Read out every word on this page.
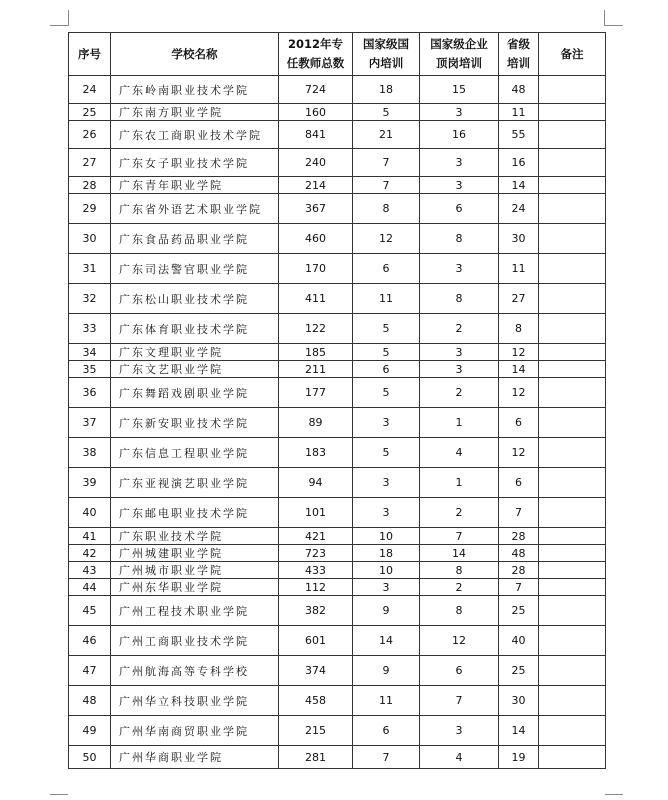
序号	学校名称	2012年专任教师总数	国家级国内培训	国家级企业顶岗培训	省级培训	备注
24	广东岭南职业技术学院	724	18	15	48	
25	广东南方职业学院	160	5	3	11	
26	广东农工商职业技术学院	841	21	16	55	
27	广东女子职业技术学院	240	7	3	16	
28	广东青年职业学院	214	7	3	14	
29	广东省外语艺术职业学院	367	8	6	24	
30	广东食品药品职业学院	460	12	8	30	
31	广东司法警官职业学院	170	6	3	11	
32	广东松山职业技术学院	411	11	8	27	
33	广东体育职业技术学院	122	5	2	8	
34	广东文理职业学院	185	5	3	12	
35	广东文艺职业学院	211	6	3	14	
36	广东舞蹈戏剧职业学院	177	5	2	12	
37	广东新安职业技术学院	89	3	1	6	
38	广东信息工程职业学院	183	5	4	12	
39	广东亚视演艺职业学院	94	3	1	6	
40	广东邮电职业技术学院	101	3	2	7	
41	广东职业技术学院	421	10	7	28	
42	广州城建职业学院	723	18	14	48	
43	广州城市职业学院	433	10	8	28	
44	广州东华职业学院	112	3	2	7	
45	广州工程技术职业学院	382	9	8	25	
46	广州工商职业技术学院	601	14	12	40	
47	广州航海高等专科学校	374	9	6	25	
48	广州华立科技职业学院	458	11	7	30	
49	广州华南商贸职业学院	215	6	3	14	
50	广州华商职业学院	281	7	4	19	
